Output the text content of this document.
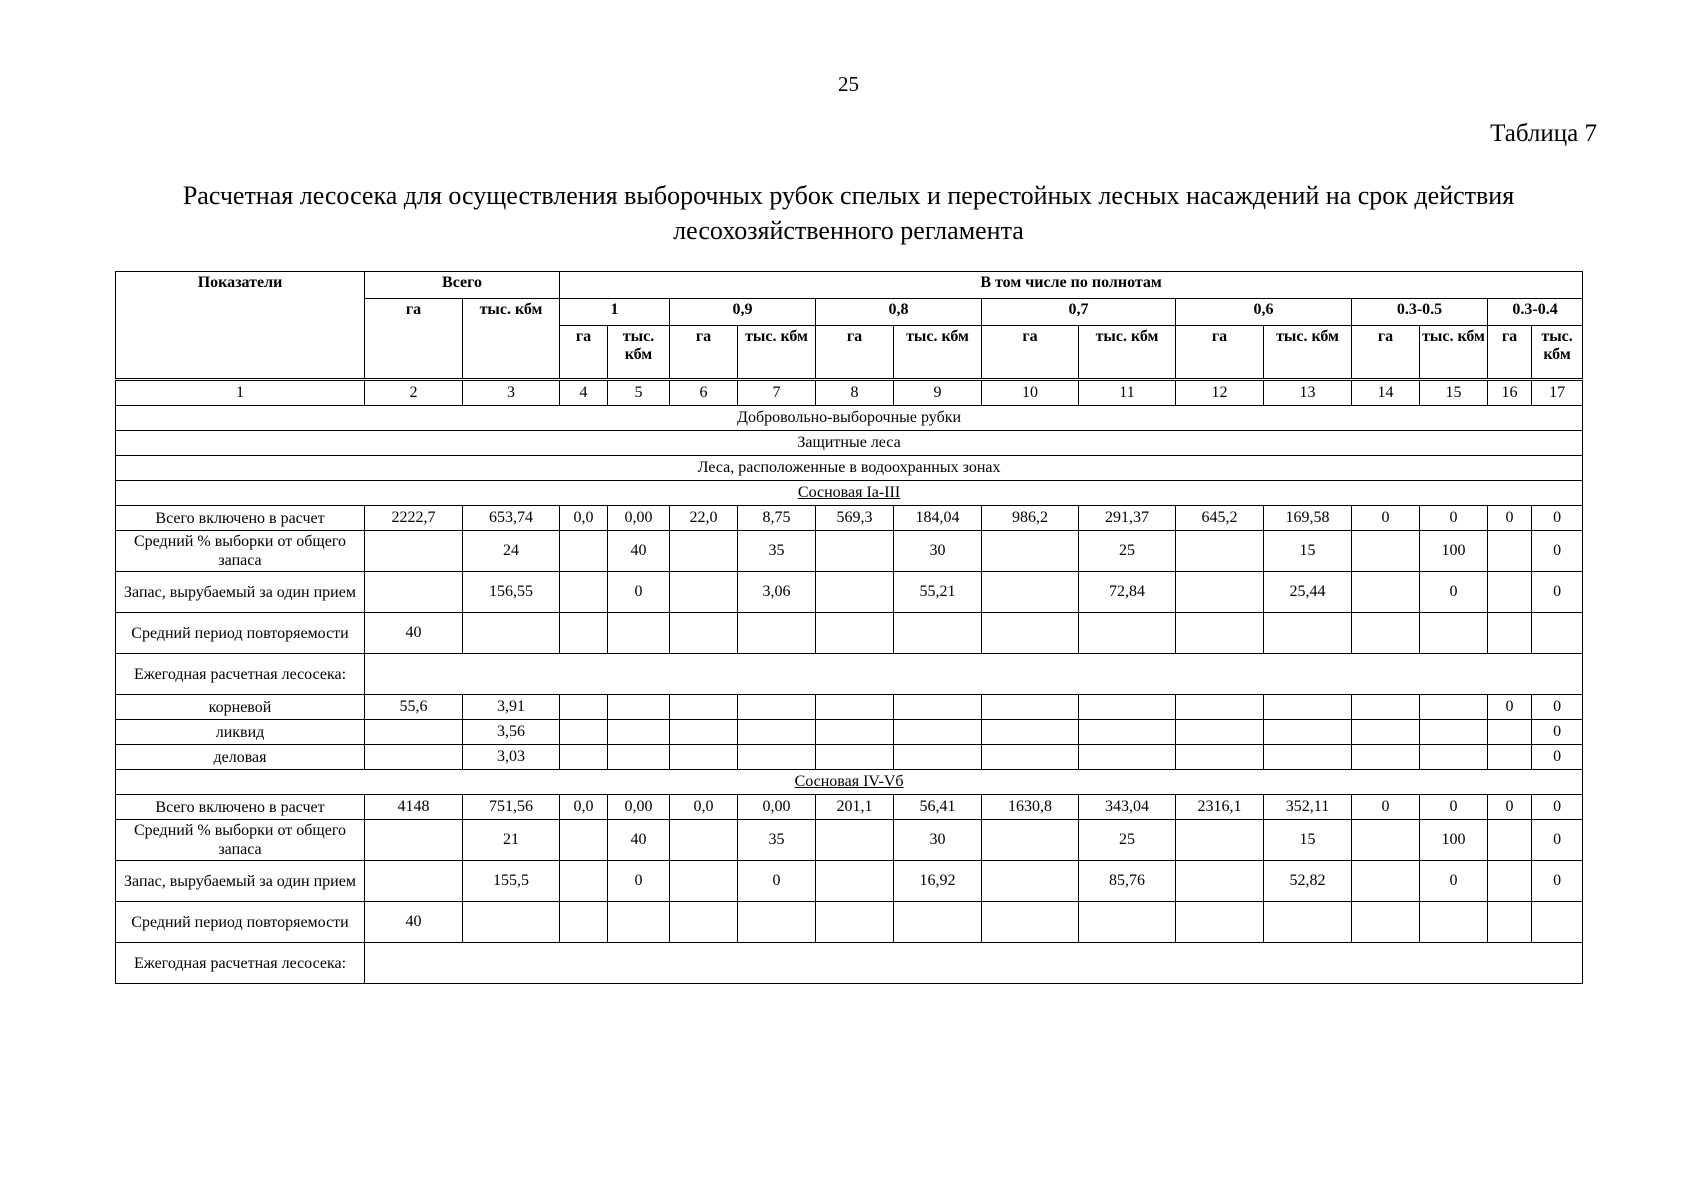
25
Таблица 7
Расчетная лесосека для осуществления выборочных рубок спелых и перестойных лесных насаждений на срок действия лесохозяйственного регламента
Показатели	Всего		В том числе по полнотам													
	га	тыс. кбм	1		0,9		0,8		0,7		0,6		0.3-0.5		0.3-0.4	
			га	тыс. кбм	га	тыс. кбм	га	тыс. кбм	га	тыс. кбм	га	тыс. кбм	га	тыс. кбм	га	тыс. кбм
1	2	3	4	5	6	7	8	9	10	11	12	13	14	15	16	17
Добровольно-выборочные рубки																
Защитные леса																
Леса, расположенные в водоохранных зонах																
Сосновая Iа-III																
Всего включено в расчет	2222,7	653,74	0,0	0,00	22,0	8,75	569,3	184,04	986,2	291,37	645,2	169,58	0	0	0	0
Средний % выборки от общего запаса		24		40		35		30		25		15		100		0
Запас, вырубаемый за один прием		156,55		0		3,06		55,21		72,84		25,44		0		0
Средний период повторяемости	40															
Ежегодная расчетная лесосека:																
корневой	55,6	3,91													0	0
ликвид		3,56														0
деловая		3,03														0
Сосновая IV-Vб																
Всего включено в расчет	4148	751,56	0,0	0,00	0,0	0,00	201,1	56,41	1630,8	343,04	2316,1	352,11	0	0	0	0
Средний % выборки от общего запаса		21		40		35		30		25		15		100		0
Запас, вырубаемый за один прием		155,5		0		0		16,92		85,76		52,82		0		0
Средний период повторяемости	40															
Ежегодная расчетная лесосека:																
